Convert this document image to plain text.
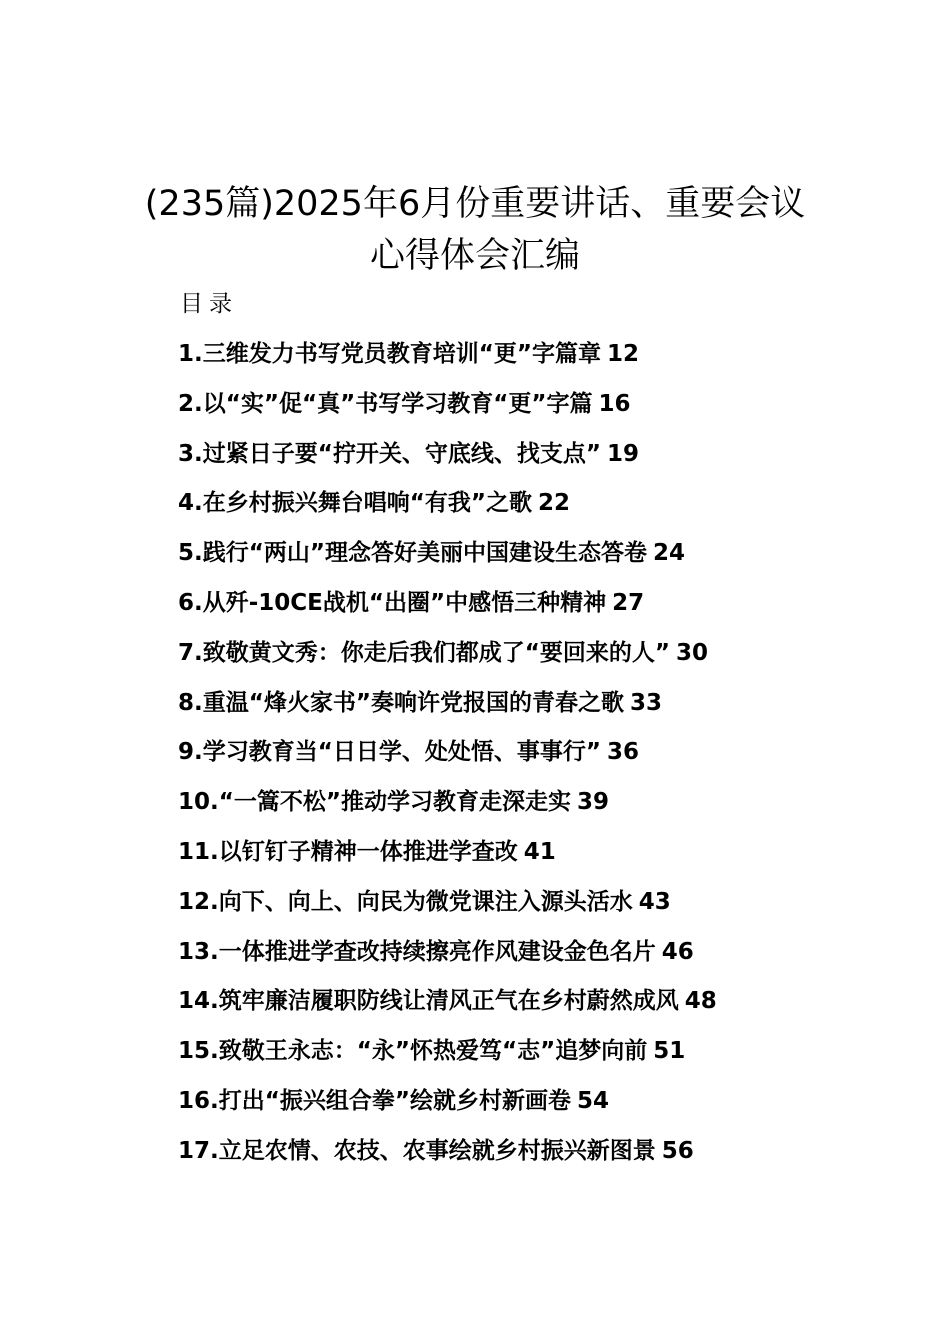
(235篇)2025年6月份重要讲话、重要会议
心得体会汇编
目录
1.三维发力书写党员教育培训“更”字篇章 12
2.以“实”促“真”书写学习教育“更”字篇 16
3.过紧日子要“拧开关、守底线、找支点” 19
4.在乡村振兴舞台唱响“有我”之歌 22
5.践行“两山”理念答好美丽中国建设生态答卷 24
6.从歼-10CE战机“出圈”中感悟三种精神 27
7.致敬黄文秀：你走后我们都成了“要回来的人” 30
8.重温“烽火家书”奏响许党报国的青春之歌 33
9.学习教育当“日日学、处处悟、事事行” 36
10.“一篙不松”推动学习教育走深走实 39
11.以钉钉子精神一体推进学查改 41
12.向下、向上、向民为微党课注入源头活水 43
13.一体推进学查改持续擦亮作风建设金色名片 46
14.筑牢廉洁履职防线让清风正气在乡村蔚然成风 48
15.致敬王永志：“永”怀热爱笃“志”追梦向前 51
16.打出“振兴组合拳”绘就乡村新画卷 54
17.立足农情、农技、农事绘就乡村振兴新图景 56
